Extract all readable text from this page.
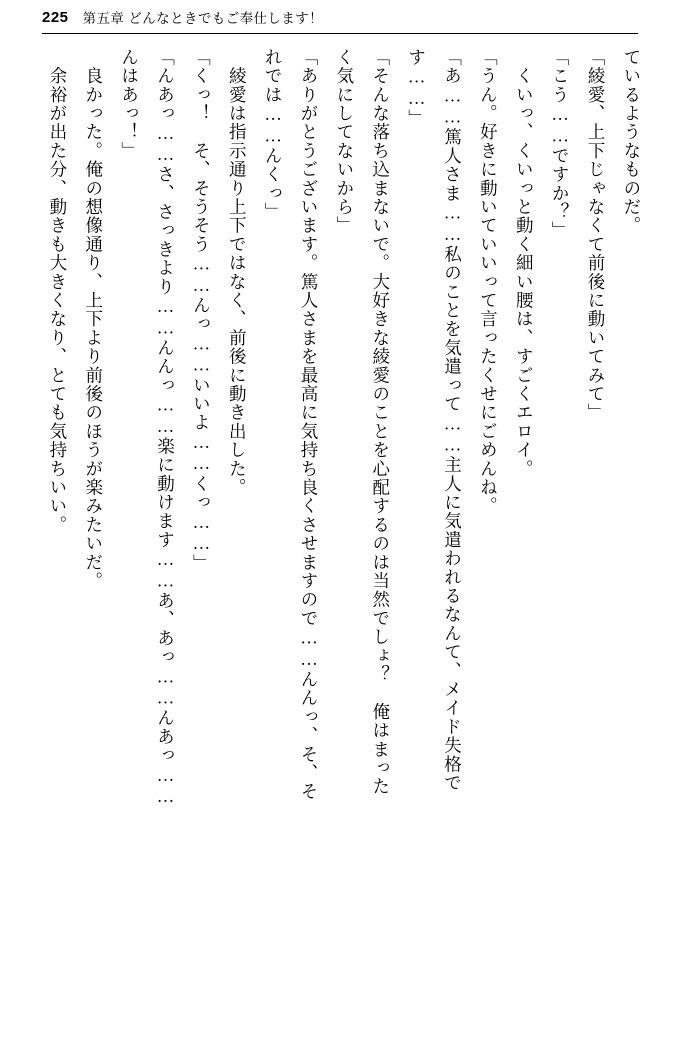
225 第五章 どんなときでもご奉仕します！

ているようなものだ。

「綾愛、上下じゃなくて前後に動いてみて」

「こう……ですか？」

　くいっ、くいっと動く細い腰は、すごくエロイ。

「うん。好きに動いていいって言ったくせにごめんね。

「あ……篤人さま……私のことを気遣って……主人に気遣われるなんて、メイド失格で

す……」

「そんな落ち込まないで。大好きな綾愛のことを心配するのは当然でしょ？　俺はまった

く気にしてないから」

「ありがとうございます。篤人さまを最高に気持ち良くさせますので……んんっ、そ、そ

れでは……んくっ」

　綾愛は指示通り上下ではなく、前後に動き出した。

「くっ！　そ、そうそう……んっ……いいよ……くっ……」

「んあっ……さ、さっきより……んんっ……楽に動けます……あ、あっ……んあっ……

んはあっ！」

　良かった。俺の想像通り、上下より前後のほうが楽みたいだ。

　余裕が出た分、動きも大きくなり、とても気持ちいい。
